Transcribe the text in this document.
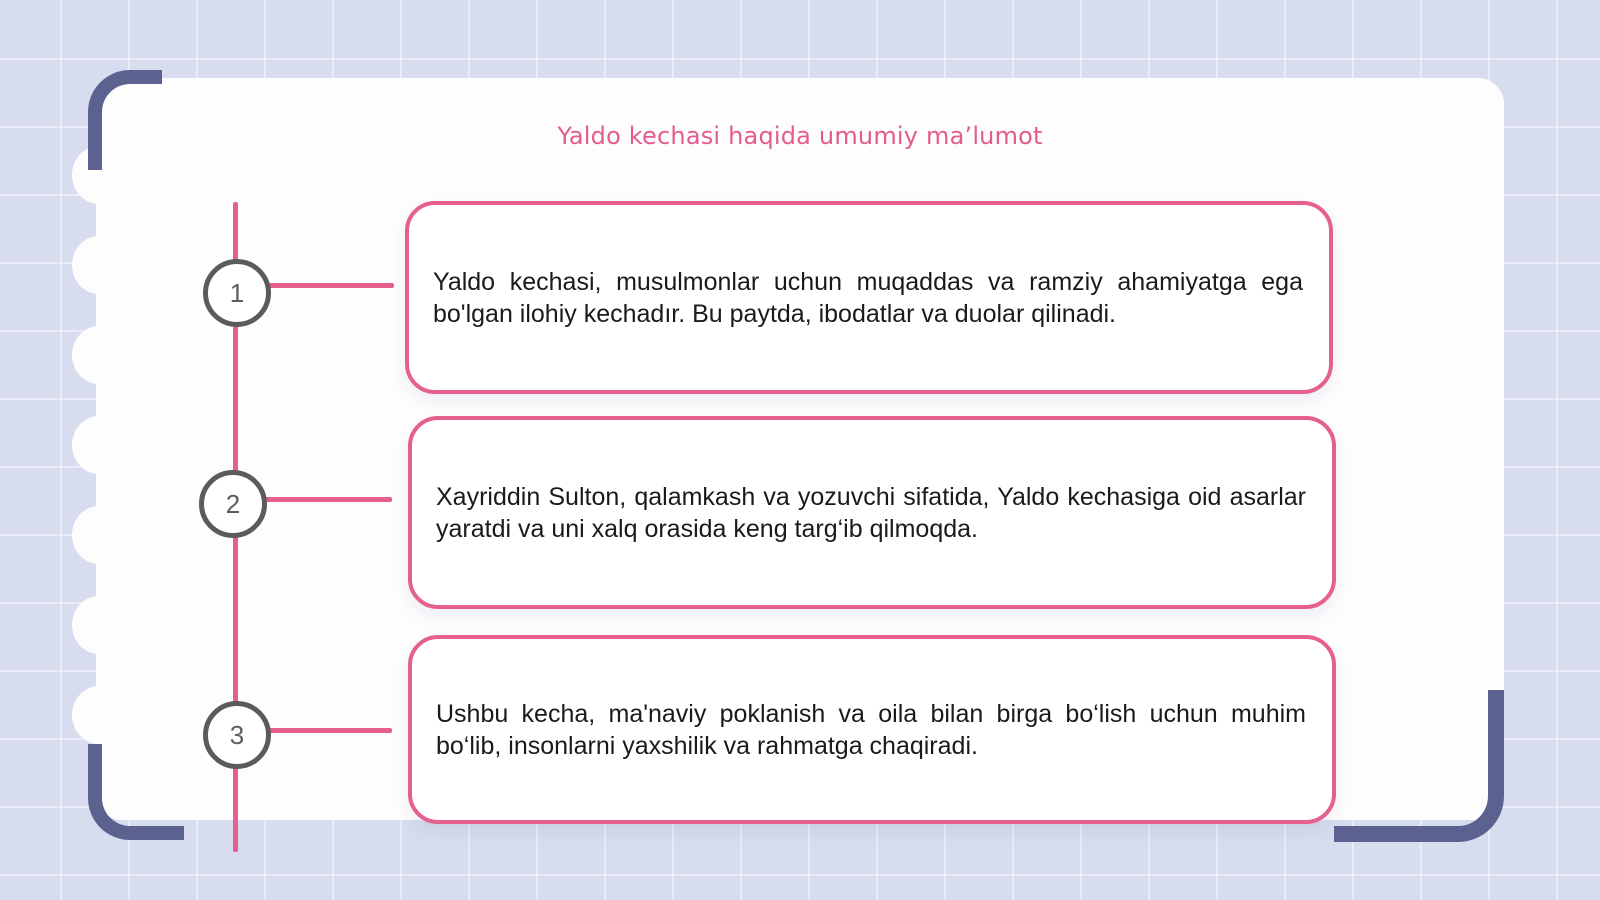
Yaldo kechasi haqida umumiy ma’lumot
1
2
3

Yaldo kechasi, musulmonlar uchun muqaddas va ramziy ahamiyatga ega bo'lgan ilohiy kechadır. Bu paytda, ibodatlar va duolar qilinadi.

Xayriddin Sulton, qalamkash va yozuvchi sifatida, Yaldo kechasiga oid asarlar yaratdi va uni xalq orasida keng targ‘ib qilmoqda.

Ushbu kecha, ma'naviy poklanish va oila bilan birga bo‘lish uchun muhim bo‘lib, insonlarni yaxshilik va rahmatga chaqiradi.
